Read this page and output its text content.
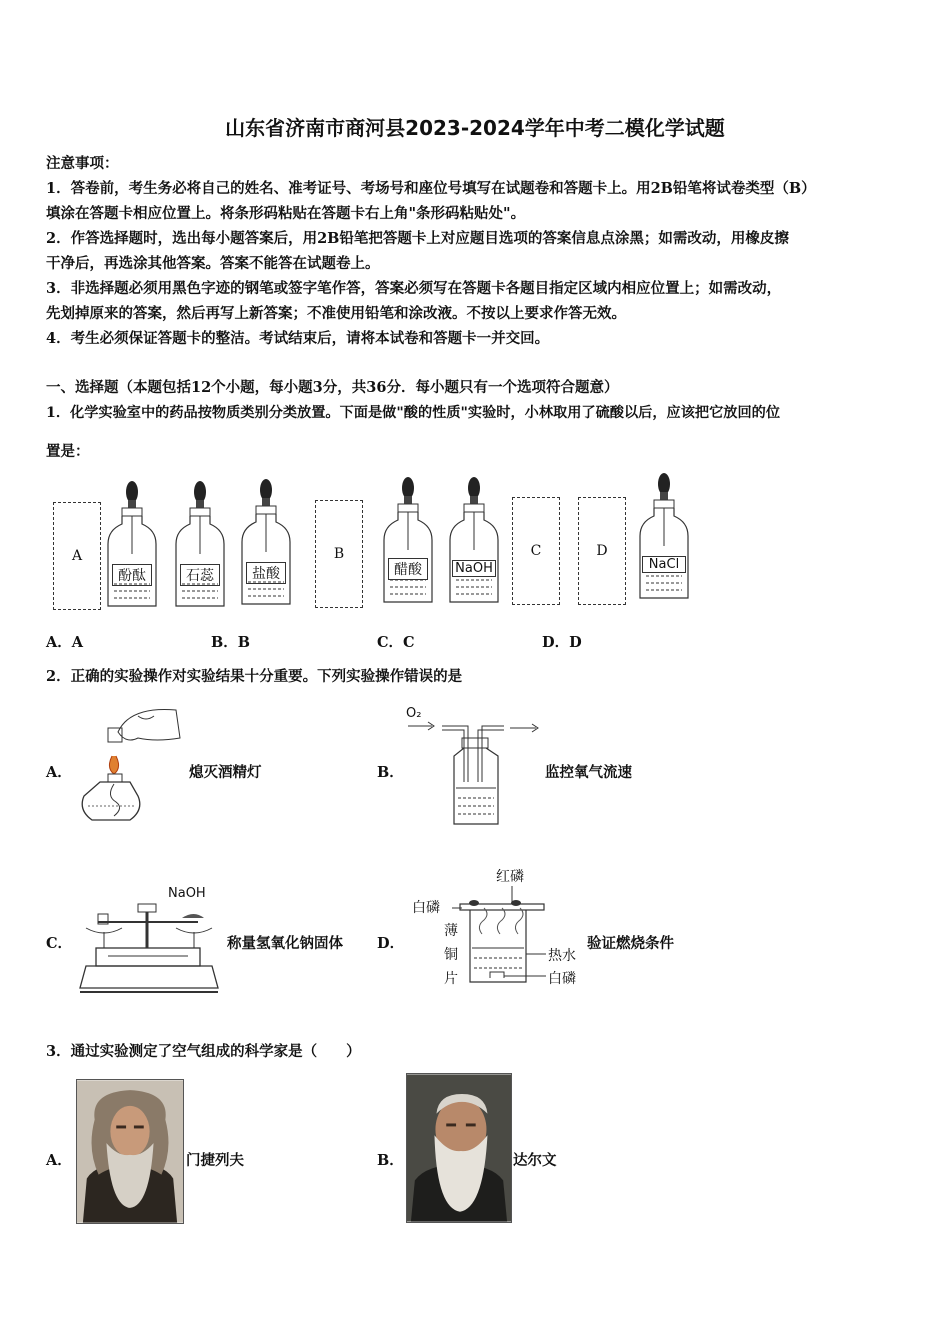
山东省济南市商河县2023-2024学年中考二模化学试题
注意事项：
1．答卷前，考生务必将自己的姓名、准考证号、考场号和座位号填写在试题卷和答题卡上。用2B铅笔将试卷类型（B）
填涂在答题卡相应位置上。将条形码粘贴在答题卡右上角"条形码粘贴处"。
2．作答选择题时，选出每小题答案后，用2B铅笔把答题卡上对应题目选项的答案信息点涂黑；如需改动，用橡皮擦
干净后，再选涂其他答案。答案不能答在试题卷上。
3．非选择题必须用黑色字迹的钢笔或签字笔作答，答案必须写在答题卡各题目指定区域内相应位置上；如需改动，
先划掉原来的答案，然后再写上新答案；不准使用铅笔和涂改液。不按以上要求作答无效。
4．考生必须保证答题卡的整洁。考试结束后，请将本试卷和答题卡一并交回。
一、选择题（本题包括12个小题，每小题3分，共36分．每小题只有一个选项符合题意）
1．化学实验室中的药品按物质类别分类放置。下面是做"酸的性质"实验时，小林取用了硫酸以后，应该把它放回的位
置是：
A	B	C	D
酚酞	石蕊	盐酸	醋酸	NaOH	NaCl
A．A	B．B	C．C	D．D
2．正确的实验操作对实验结果十分重要。下列实验操作错误的是
A．	熄灭酒精灯	B．
O₂
监控氧气流速
C．
NaOH
称量氢氧化钠固体 D．
红磷
白磷
薄
铜
片
热水
白磷
验证燃烧条件
3．通过实验测定了空气组成的科学家是（　　）
A．	门捷列夫	B．	达尔文
